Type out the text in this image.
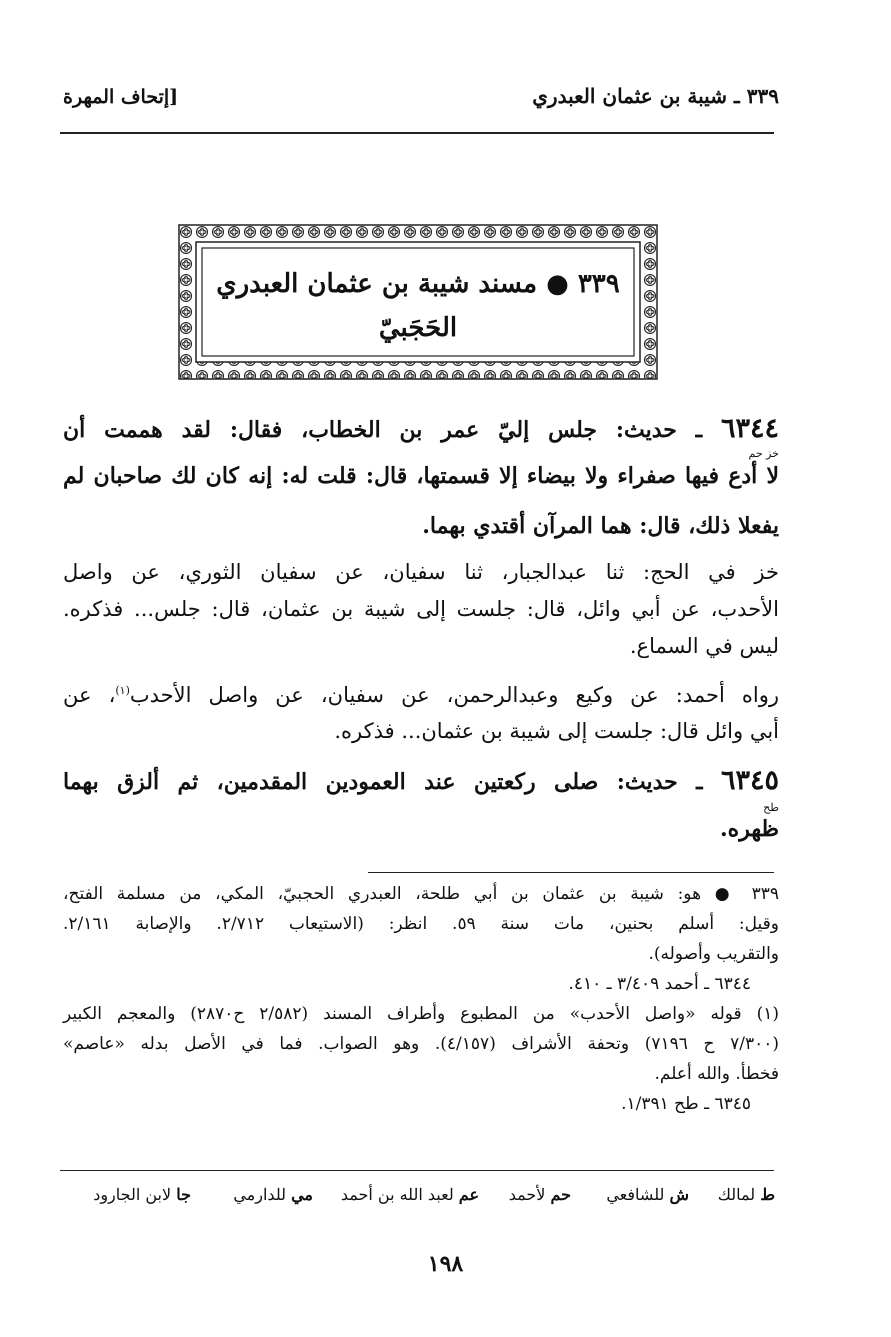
٣٣٩ ـ شيبة بن عثمان العبدري
[إتحاف المهرة
٣٣٩ ● مسند شيبة بن عثمان العبدري
الحَجَبيّ
٦٣٤٤ ـ حديث: جلس إليّ عمر بن الخطاب، فقال: لقد هممت أن
خز حم
لا أدع فيها صفراء ولا بيضاء إلا قسمتها، قال: قلت له: إنه كان لك صاحبان لم
يفعلا ذلك، قال: هما المرآن أقتدي بهما.
خز في الحج: ثنا عبدالجبار، ثنا سفيان، عن سفيان الثوري، عن واصل
الأحدب، عن أبي وائل، قال: جلست إلى شيبة بن عثمان، قال: جلس... فذكره.
ليس في السماع.
رواه أحمد: عن وكيع وعبدالرحمن، عن سفيان، عن واصل الأحدب$^{(١)}$، عن
أبي وائل قال: جلست إلى شيبة بن عثمان... فذكره.
٦٣٤٥ ـ حديث: صلى ركعتين عند العمودين المقدمين، ثم ألزق بهما
طح
ظهره.
٣٣٩ ● هو: شيبة بن عثمان بن أبي طلحة، العبدري الحجبيّ، المكي، من مسلمة الفتح،
وقيل: أسلم بحنين، مات سنة ٥٩. انظر: (الاستيعاب ٢/٧١٢. والإصابة ٢/١٦١.
والتقريب وأصوله).
٦٣٤٤ ـ أحمد ٣/٤٠٩ ـ ٤١٠.
(١) قوله «واصل الأحدب» من المطبوع وأطراف المسند (٢/٥٨٢ ح٢٨٧٠) والمعجم الكبير
(٧/٣٠٠ ح ٧١٩٦) وتحفة الأشراف (٤/١٥٧). وهو الصواب. فما في الأصل بدله «عاصم»
فخطأ. والله أعلم.
٦٣٤٥ ـ طح ١/٣٩١.
ط لمالك
ش للشافعي
حم لأحمد
عم لعبد الله بن أحمد
مي للدارمي
جا لابن الجارود
١٩٨
